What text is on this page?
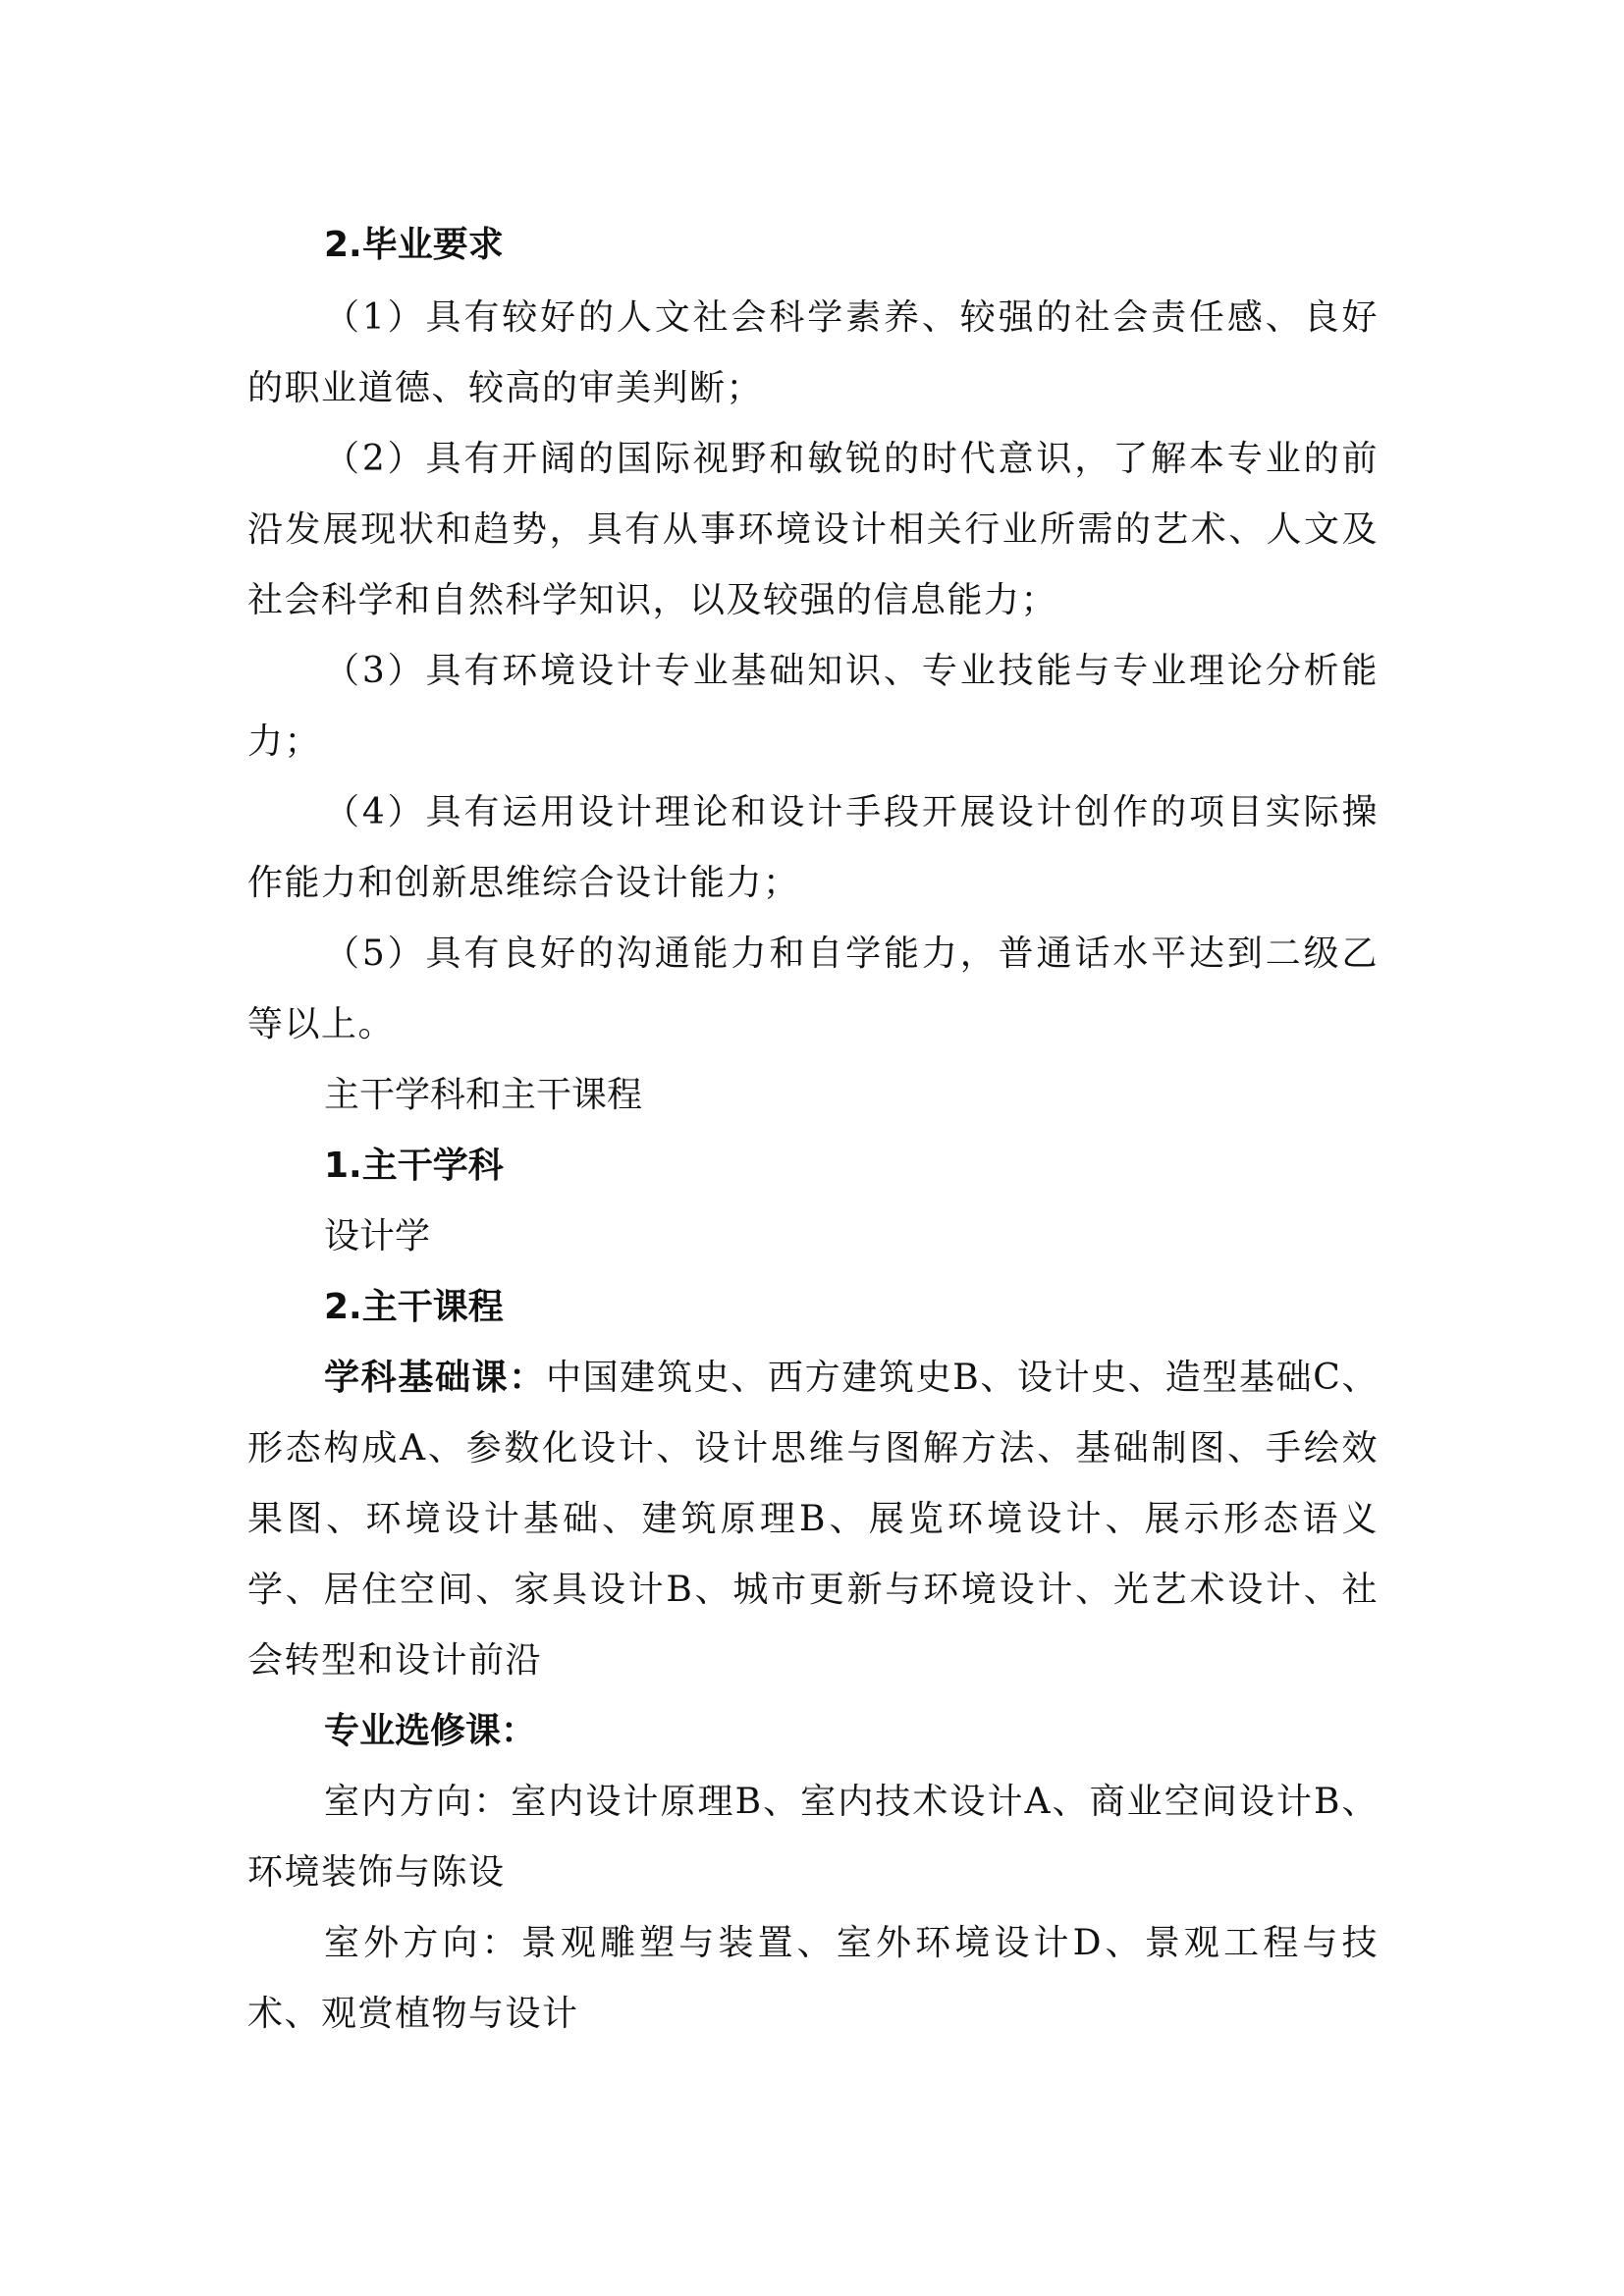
2.毕业要求

（1）具有较好的人文社会科学素养、较强的社会责任感、良好的职业道德、较高的审美判断；

（2）具有开阔的国际视野和敏锐的时代意识，了解本专业的前沿发展现状和趋势，具有从事环境设计相关行业所需的艺术、人文及社会科学和自然科学知识，以及较强的信息能力；

（3）具有环境设计专业基础知识、专业技能与专业理论分析能力；

（4）具有运用设计理论和设计手段开展设计创作的项目实际操作能力和创新思维综合设计能力；

（5）具有良好的沟通能力和自学能力，普通话水平达到二级乙等以上。

主干学科和主干课程

1.主干学科

设计学

2.主干课程

学科基础课：中国建筑史、西方建筑史B、设计史、造型基础C、形态构成A、参数化设计、设计思维与图解方法、基础制图、手绘效果图、环境设计基础、建筑原理B、展览环境设计、展示形态语义学、居住空间、家具设计B、城市更新与环境设计、光艺术设计、社会转型和设计前沿

专业选修课：

室内方向：室内设计原理B、室内技术设计A、商业空间设计B、环境装饰与陈设

室外方向：景观雕塑与装置、室外环境设计D、景观工程与技术、观赏植物与设计
